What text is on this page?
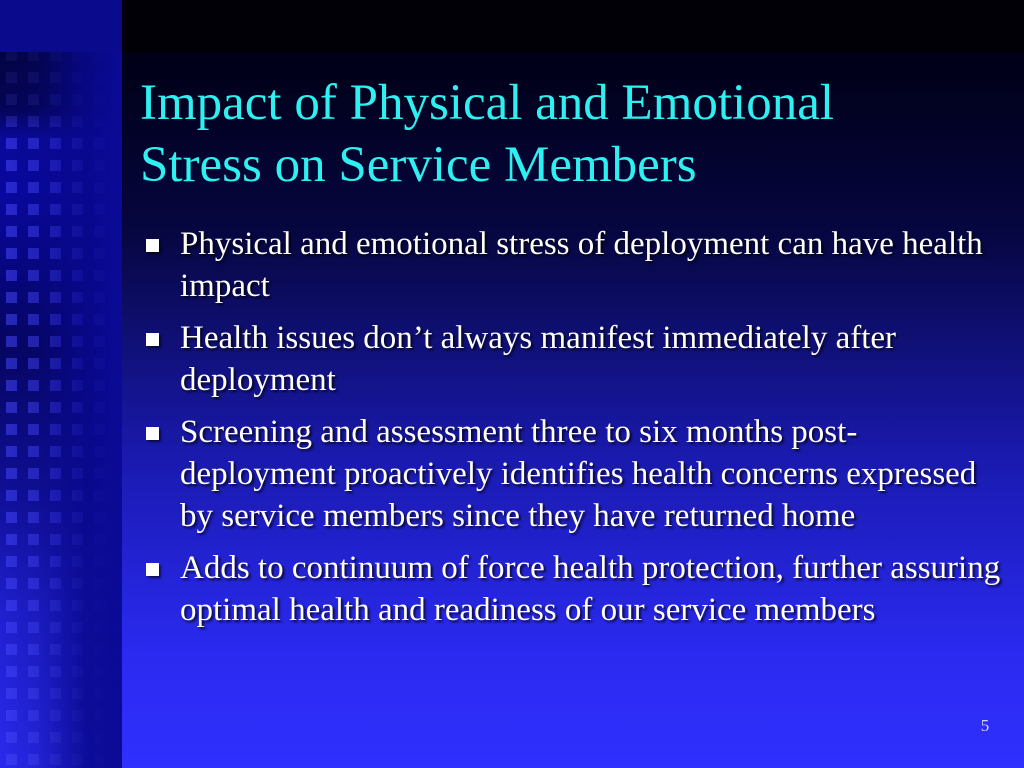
Impact of Physical and Emotional
Stress on Service Members
Physical and emotional stress of deployment can have health impact
Health issues don’t always manifest immediately after deployment
Screening and assessment three to six months post-deployment proactively identifies health concerns expressed by service members since they have returned home
Adds to continuum of force health protection, further assuring optimal health and readiness of our service members
5
